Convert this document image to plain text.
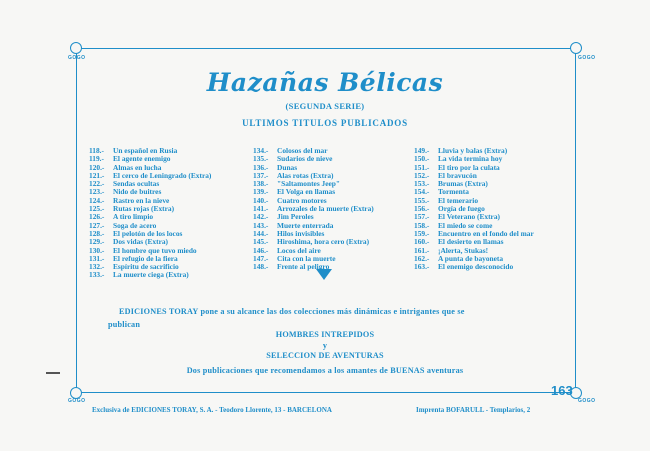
GOGO	GOGO
GOGO	GOGO
Hazañas Bélicas
(SEGUNDA SERIE)
ULTIMOS TITULOS PUBLICADOS
118.- Un español en Rusia
119.- El agente enemigo
120.- Almas en lucha
121.- El cerco de Leningrado (Extra)
122.- Sendas ocultas
123.- Nido de buitres
124.- Rastro en la nieve
125.- Rutas rojas (Extra)
126.- A tiro limpio
127.- Soga de acero
128.- El pelotón de los locos
129.- Dos vidas (Extra)
130.- El hombre que tuvo miedo
131.- El refugio de la fiera
132.- Espíritu de sacrificio
133.- La muerte ciega (Extra)
134.- Colosos del mar
135.- Sudarios de nieve
136.- Dunas
137.- Alas rotas (Extra)
138.- "Saltamontes Jeep"
139.- El Volga en llamas
140.- Cuatro motores
141.- Arrozales de la muerte (Extra)
142.- Jim Peroles
143.- Muerte enterrada
144.- Hilos invisibles
145.- Hiroshima, hora cero (Extra)
146.- Locos del aire
147.- Cita con la muerte
148.- Frente al peligro
149.- Lluvia y balas (Extra)
150.- La vida termina hoy
151.- El tiro por la culata
152.- El bravucón
153.- Brumas (Extra)
154.- Tormenta
155.- El temerario
156.- Orgía de fuego
157.- El Veterano (Extra)
158.- El miedo se come
159.- Encuentro en el fondo del mar
160.- El desierto en llamas
161.- ¡Alerta, Stukas!
162.- A punta de bayoneta
163.- El enemigo desconocido
EDICIONES TORAY pone a su alcance las dos colecciones más dinámicas e intrigantes que se
publican
HOMBRES INTREPIDOS
y
SELECCION DE AVENTURAS
Dos publicaciones que recomendamos a los amantes de BUENAS aventuras
163
Exclusiva de EDICIONES TORAY, S. A. - Teodoro Llorente, 13 - BARCELONA	Imprenta BOFARULL - Templarios, 2
